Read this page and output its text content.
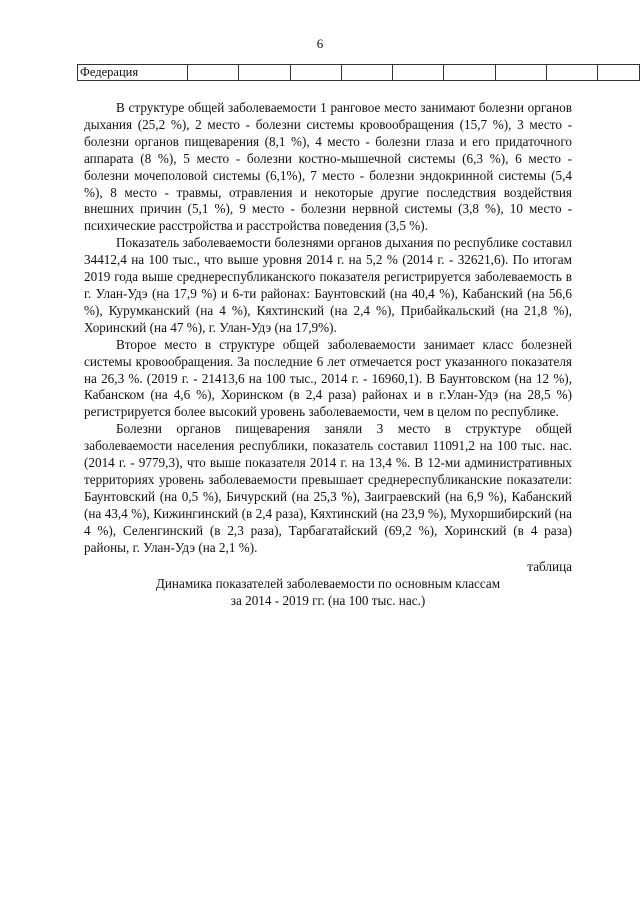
6
Федерация									

В структуре общей заболеваемости 1 ранговое место занимают болезни органов дыхания (25,2 %), 2 место - болезни системы кровообращения (15,7 %), 3 место - болезни органов пищеварения (8,1 %), 4 место - болезни глаза и его придаточного аппарата (8 %), 5 место - болезни костно-мышечной системы (6,3 %), 6 место - болезни мочеполовой системы (6,1%), 7 место - болезни эндокринной системы (5,4 %), 8 место - травмы, отравления и некоторые другие последствия воздействия внешних причин (5,1 %), 9 место - болезни нервной системы (3,8 %), 10 место - психические расстройства и расстройства поведения (3,5 %).

Показатель заболеваемости болезнями органов дыхания по республике составил 34412,4 на 100 тыс., что выше уровня 2014 г. на 5,2 % (2014 г. - 32621,6). По итогам 2019 года выше среднереспубликанского показателя регистрируется заболеваемость в г. Улан-Удэ (на 17,9 %) и 6-ти районах: Баунтовский (на 40,4 %), Кабанский (на 56,6 %), Курумканский (на 4 %), Кяхтинский (на 2,4 %), Прибайкальский (на 21,8 %), Хоринский (на 47 %), г. Улан-Удэ (на 17,9%).

Второе место в структуре общей заболеваемости занимает класс болезней системы кровообращения. За последние 6 лет отмечается рост указанного показателя на 26,3 %. (2019 г. - 21413,6 на 100 тыс., 2014 г. - 16960,1). В Баунтовском (на 12 %), Кабанском (на 4,6 %), Хоринском (в 2,4 раза) районах и в г.Улан-Удэ (на 28,5 %) регистрируется более высокий уровень заболеваемости, чем в целом по республике.

Болезни органов пищеварения заняли 3 место в структуре общей заболеваемости населения республики, показатель составил 11091,2 на 100 тыс. нас. (2014 г. - 9779,3), что выше показателя 2014 г. на 13,4 %. В 12-ми административных территориях уровень заболеваемости превышает среднереспубликанские показатели: Баунтовский (на 0,5 %), Бичурский (на 25,3 %), Заиграевский (на 6,9 %), Кабанский (на 43,4 %), Кижингинский (в 2,4 раза), Кяхтинский (на 23,9 %), Мухоршибирский (на 4 %), Селенгинский (в 2,3 раза), Тарбагатайский (69,2 %), Хоринский (в 4 раза) районы, г. Улан-Удэ (на 2,1 %).

таблица
Динамика показателей заболеваемости по основным классам
за 2014 - 2019 гг. (на 100 тыс. нас.)
